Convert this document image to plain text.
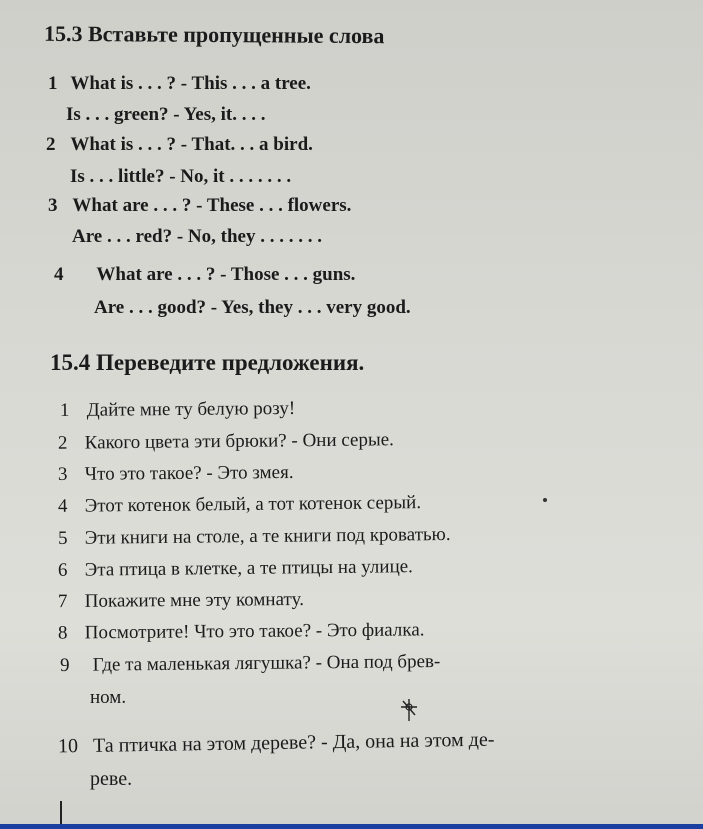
15.3 Вставьте пропущенные слова
1 What is . . . ? - This . . . a tree.
Is . . . green? - Yes, it. . . .
2 What is . . . ? - That. . . a bird.
Is . . . little? - No, it . . . . . . .
3 What are . . . ? - These . . . flowers.
Are . . . red? - No, they . . . . . . .
4 What are . . . ? - Those . . . guns.
Are . . . good? - Yes, they . . . very good.
15.4 Переведите предложения.
1 Дайте мне ту белую розу!
2 Какого цвета эти брюки? - Они серые.
3 Что это такое? - Это змея.
4 Этот котенок белый, а тот котенок серый.
5 Эти книги на столе, а те книги под кроватью.
6 Эта птица в клетке, а те птицы на улице.
7 Покажите мне эту комнату.
8 Посмотрите! Что это такое? - Это фиалка.
9 Где та маленькая лягушка? - Она под брев-
ном.
10 Та птичка на этом дереве? - Да, она на этом де-
реве.
